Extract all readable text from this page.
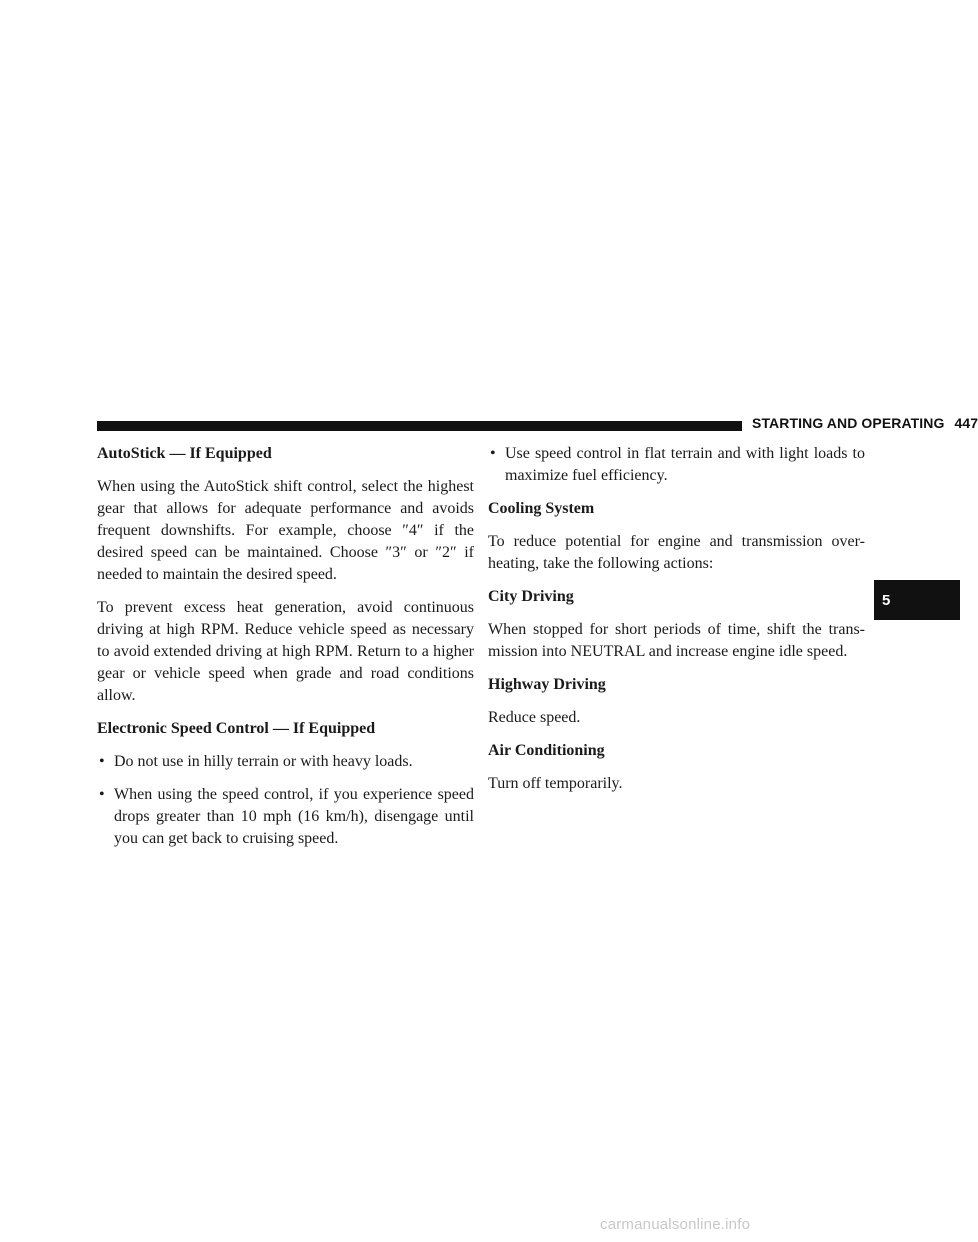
STARTING AND OPERATING 447
AutoStick — If Equipped

When using the AutoStick shift control, select the highest gear that allows for adequate performance and avoids frequent downshifts. For example, choose ″4″ if the desired speed can be maintained. Choose ″3″ or ″2″ if needed to maintain the desired speed.

To prevent excess heat generation, avoid continuous driving at high RPM. Reduce vehicle speed as necessary to avoid extended driving at high RPM. Return to a higher gear or vehicle speed when grade and road conditions allow.

Electronic Speed Control — If Equipped
• Do not use in hilly terrain or with heavy loads.
• When using the speed control, if you experience speed drops greater than 10 mph (16 km/h), disengage until you can get back to cruising speed.
• Use speed control in flat terrain and with light loads to maximize fuel efficiency.
Cooling System

To reduce potential for engine and transmission over-heating, take the following actions:

City Driving

When stopped for short periods of time, shift the trans-mission into NEUTRAL and increase engine idle speed.

Highway Driving

Reduce speed.

Air Conditioning

Turn off temporarily.

5
carmanualsonline.info
